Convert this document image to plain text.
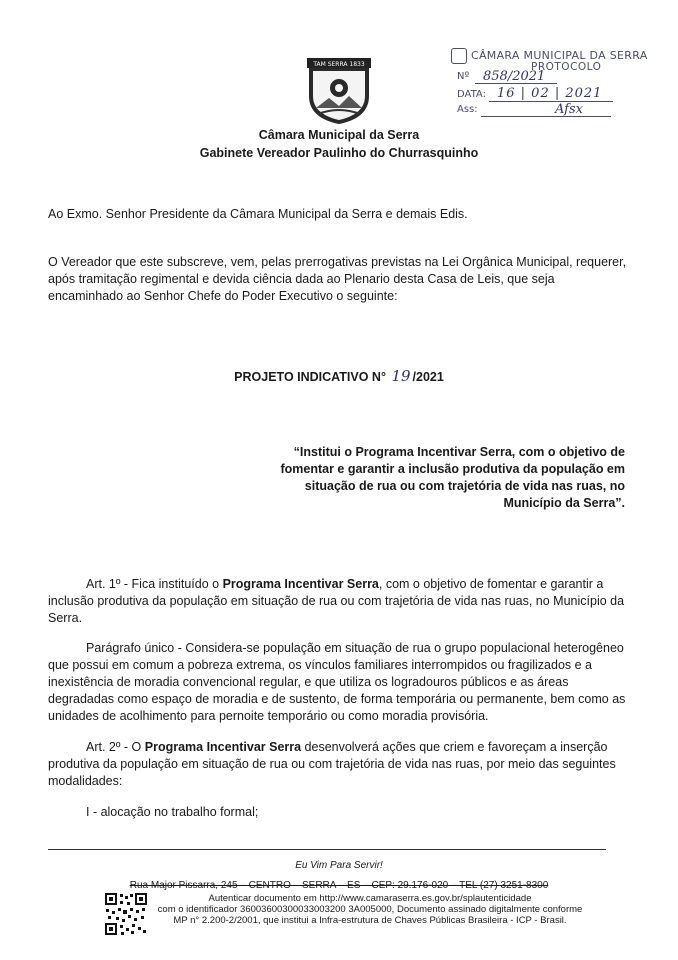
TAM SERRA 1833
CÂMARA MUNICIPAL DA SERRA
PROTOCOLO
Nº 858/2021
DATA: 16 | 02 | 2021
Ass:	Afsx
Câmara Municipal da Serra
Gabinete Vereador Paulinho do Churrasquinho
Ao Exmo. Senhor Presidente da Câmara Municipal da Serra e demais Edis.
O Vereador que este subscreve, vem, pelas prerrogativas previstas na Lei Orgânica Municipal, requerer, após tramitação regimental e devida ciência dada ao Plenario desta Casa de Leis, que seja encaminhado ao Senhor Chefe do Poder Executivo o seguinte:
PROJETO INDICATIVO N° 19 /2021
“Institui o Programa Incentivar Serra, com o objetivo de fomentar e garantir a inclusão produtiva da população em situação de rua ou com trajetória de vida nas ruas, no Município da Serra”.
Art. 1º - Fica instituído o Programa Incentivar Serra, com o objetivo de fomentar e garantir a inclusão produtiva da população em situação de rua ou com trajetória de vida nas ruas, no Município da Serra.
Parágrafo único - Considera-se população em situação de rua o grupo populacional heterogêneo que possui em comum a pobreza extrema, os vínculos familiares interrompidos ou fragilizados e a inexistência de moradia convencional regular, e que utiliza os logradouros públicos e as áreas degradadas como espaço de moradia e de sustento, de forma temporária ou permanente, bem como as unidades de acolhimento para pernoite temporário ou como moradia provisória.
Art. 2º - O Programa Incentivar Serra desenvolverá ações que criem e favoreçam a inserção produtiva da população em situação de rua ou com trajetória de vida nas ruas, por meio das seguintes modalidades:
I - alocação no trabalho formal;
Eu Vim Para Servir!
Rua Major Pissarra, 245 – CENTRO – SERRA – ES – CEP: 29.176-020 – TEL (27) 3251-8300
Autenticar documento em http://www.camaraserra.es.gov.br/splautenticidade
com o identificador 36003600300033003200 3A005000, Documento assinado digitalmente conforme
MP n° 2.200-2/2001, que institui a Infra-estrutura de Chaves Públicas Brasileira - ICP - Brasil.
